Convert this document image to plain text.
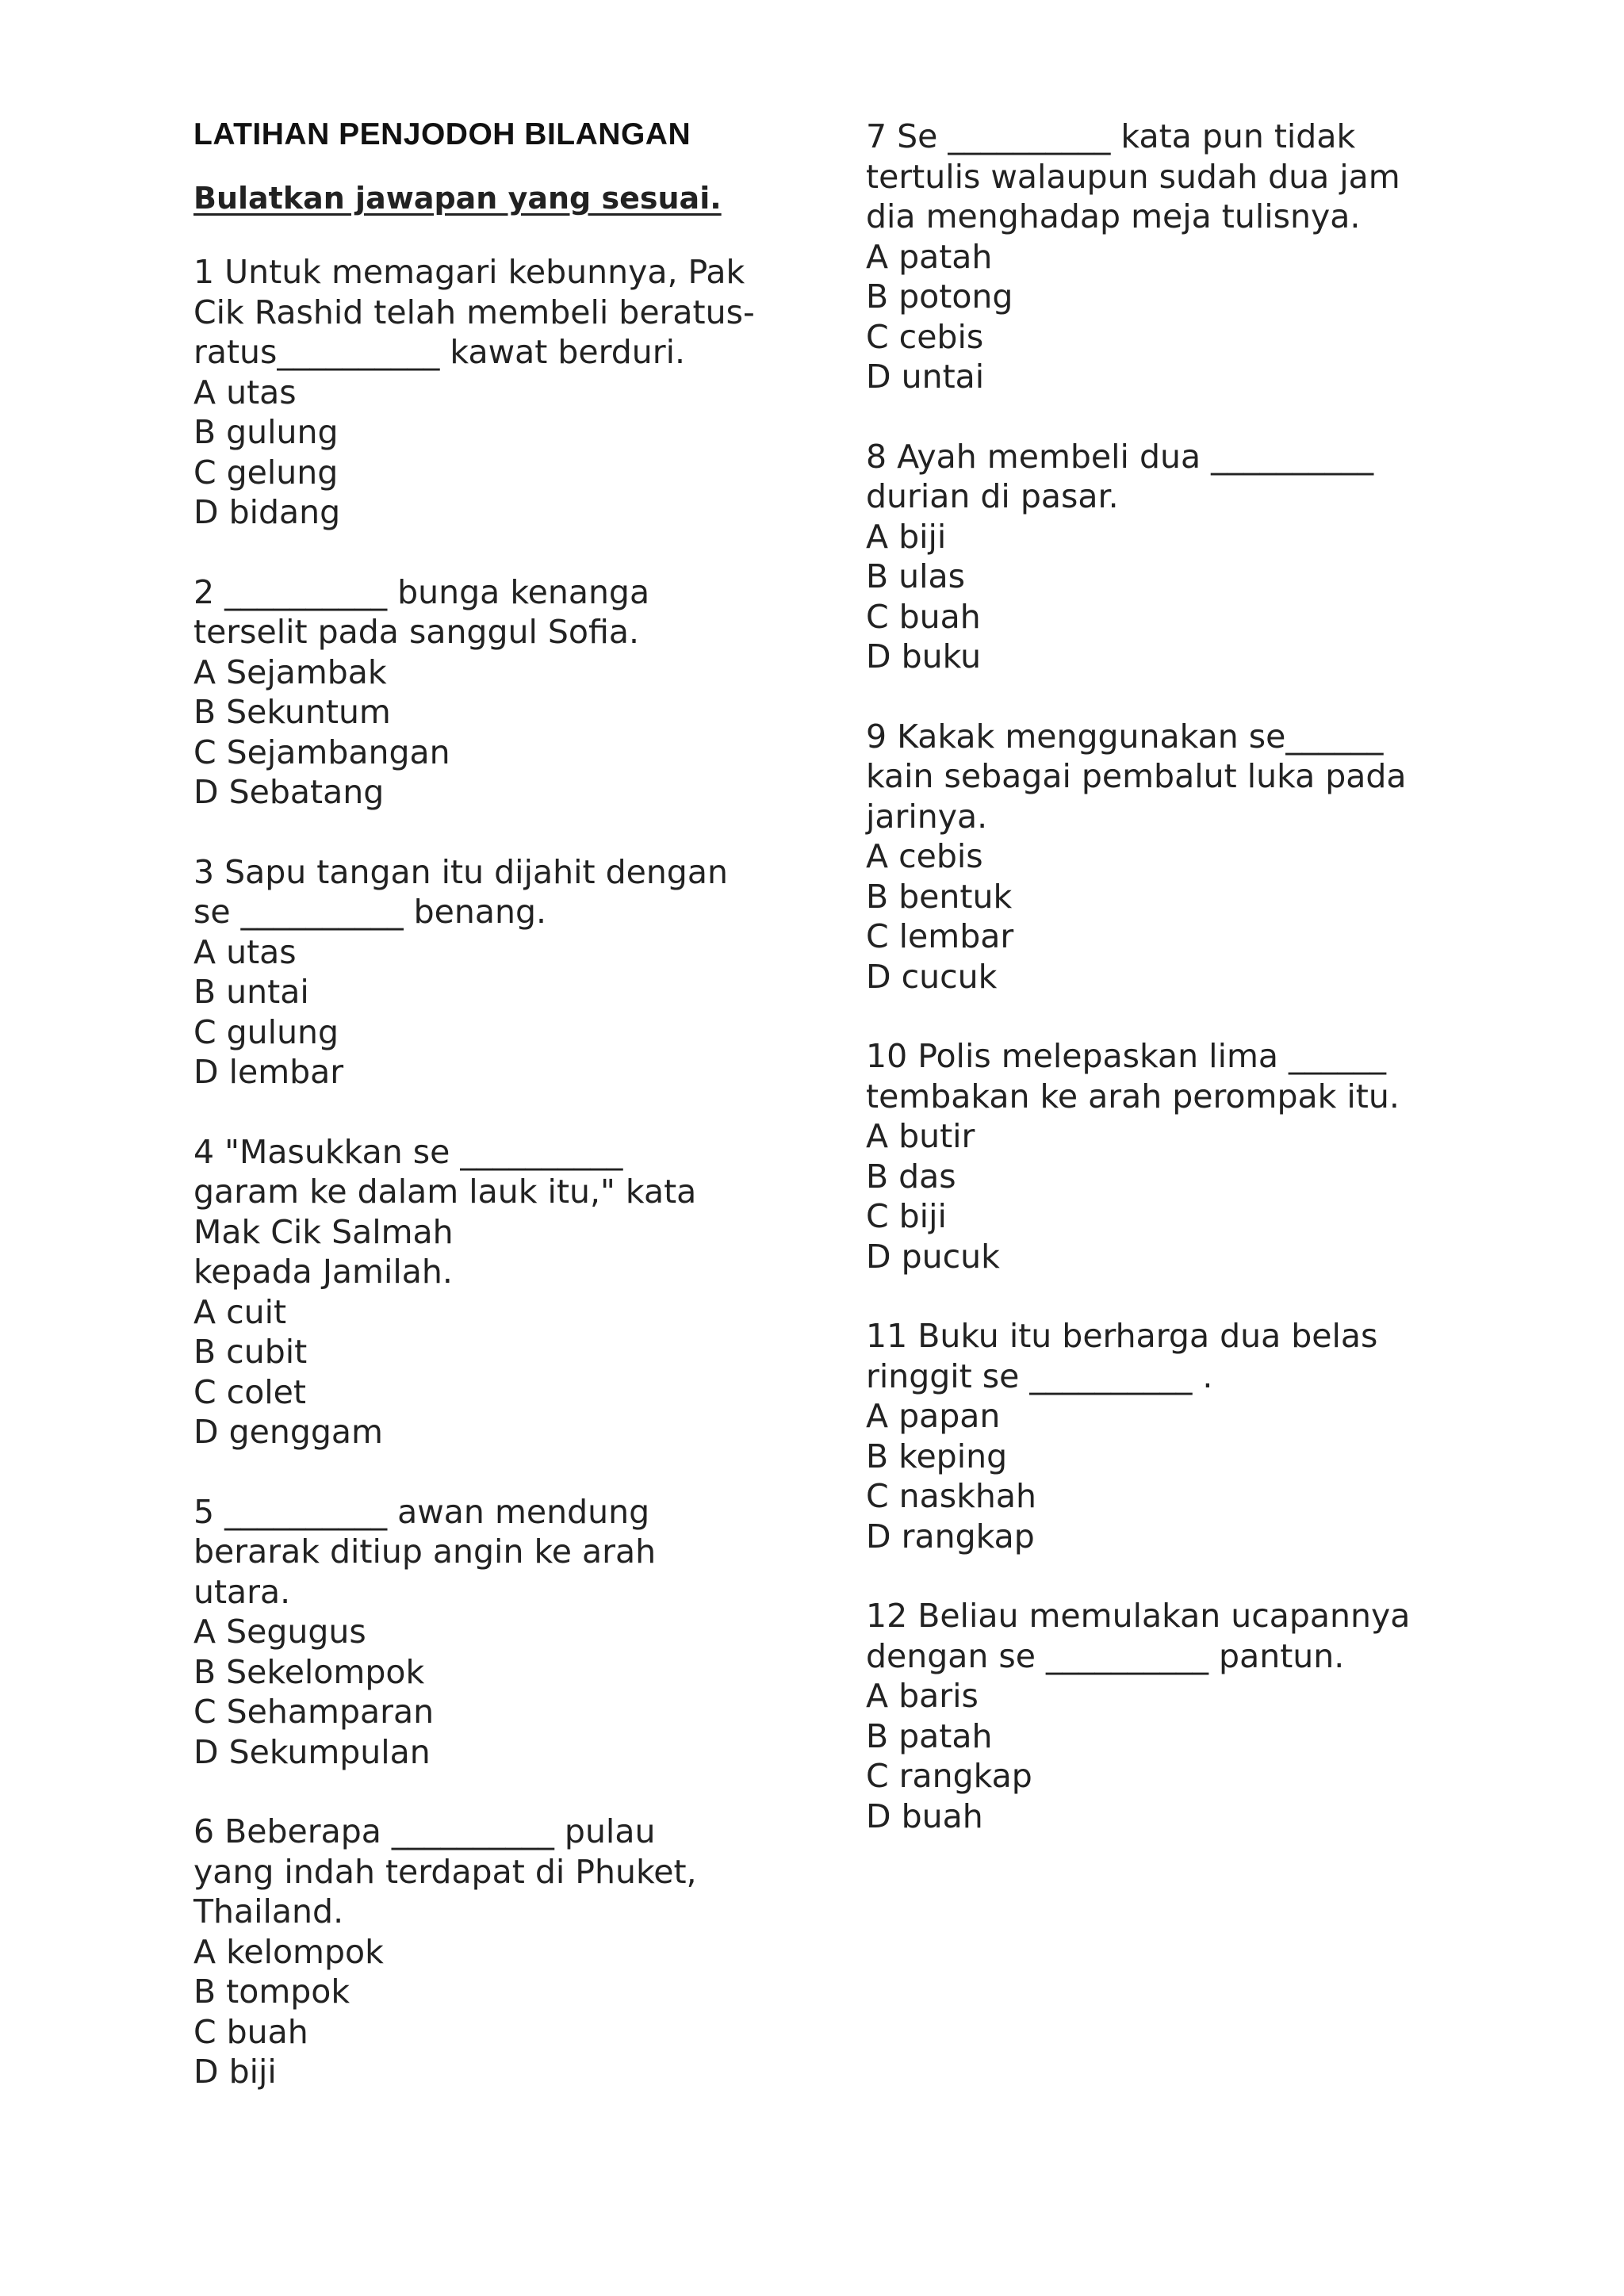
LATIHAN PENJODOH BILANGAN
Bulatkan jawapan yang sesuai.
1 Untuk memagari kebunnya, Pak
Cik Rashid telah membeli beratus-
ratus__________ kawat berduri.
A utas
B gulung
C gelung
D bidang
2 __________ bunga kenanga
terselit pada sanggul Sofia.
A Sejambak
B Sekuntum
C Sejambangan
D Sebatang
3 Sapu tangan itu dijahit dengan
se __________ benang.
A utas
B untai
C gulung
D lembar
4 "Masukkan se __________
garam ke dalam lauk itu," kata
Mak Cik Salmah
kepada Jamilah.
A cuit
B cubit
C colet
D genggam
5 __________ awan mendung
berarak ditiup angin ke arah
utara.
A Segugus
B Sekelompok
C Sehamparan
D Sekumpulan
6 Beberapa __________ pulau
yang indah terdapat di Phuket,
Thailand.
A kelompok
B tompok
C buah
D biji
7 Se __________ kata pun tidak
tertulis walaupun sudah dua jam
dia menghadap meja tulisnya.
A patah
B potong
C cebis
D untai
8 Ayah membeli dua __________
durian di pasar.
A biji
B ulas
C buah
D buku
9 Kakak menggunakan se______
kain sebagai pembalut luka pada
jarinya.
A cebis
B bentuk
C lembar
D cucuk
10 Polis melepaskan lima ______
tembakan ke arah perompak itu.
A butir
B das
C biji
D pucuk
11 Buku itu berharga dua belas
ringgit se __________ .
A papan
B keping
C naskhah
D rangkap
12 Beliau memulakan ucapannya
dengan se __________ pantun.
A baris
B patah
C rangkap
D buah
